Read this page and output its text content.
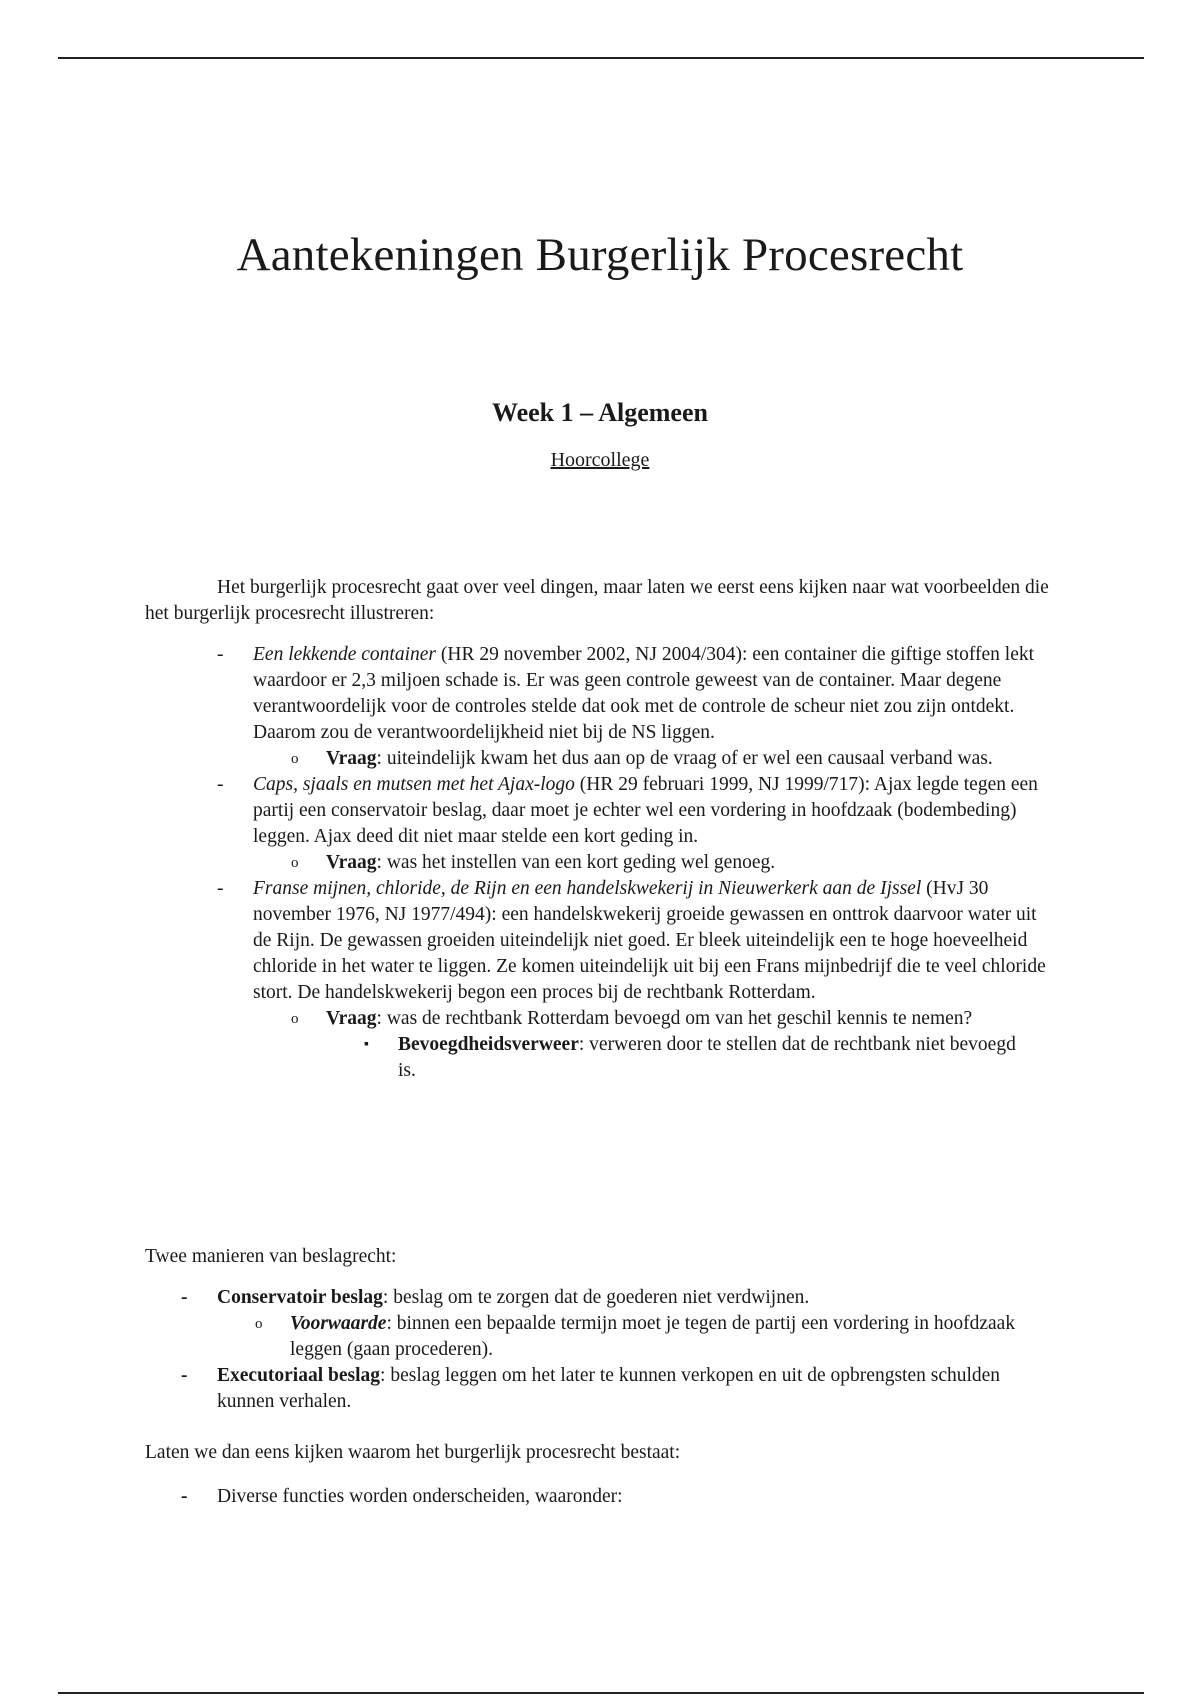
Aantekeningen Burgerlijk Procesrecht
Week 1 – Algemeen

Hoorcollege

Het burgerlijk procesrecht gaat over veel dingen, maar laten we eerst eens kijken naar wat voorbeelden die het burgerlijk procesrecht illustreren:

- Een lekkende container (HR 29 november 2002, NJ 2004/304): een container die giftige stoffen lekt waardoor er 2,3 miljoen schade is. Er was geen controle geweest van de container. Maar degene verantwoordelijk voor de controles stelde dat ook met de controle de scheur niet zou zijn ontdekt. Daarom zou de verantwoordelijkheid niet bij de NS liggen.
o Vraag: uiteindelijk kwam het dus aan op de vraag of er wel een causaal verband was.
- Caps, sjaals en mutsen met het Ajax-logo (HR 29 februari 1999, NJ 1999/717): Ajax legde tegen een partij een conservatoir beslag, daar moet je echter wel een vordering in hoofdzaak (bodembeding) leggen. Ajax deed dit niet maar stelde een kort geding in.
o Vraag: was het instellen van een kort geding wel genoeg.
- Franse mijnen, chloride, de Rijn en een handelskwekerij in Nieuwerkerk aan de Ijssel (HvJ 30 november 1976, NJ 1977/494): een handelskwekerij groeide gewassen en onttrok daarvoor water uit de Rijn. De gewassen groeiden uiteindelijk niet goed. Er bleek uiteindelijk een te hoge hoeveelheid chloride in het water te liggen. Ze komen uiteindelijk uit bij een Frans mijnbedrijf die te veel chloride stort. De handelskwekerij begon een proces bij de rechtbank Rotterdam.
o Vraag: was de rechtbank Rotterdam bevoegd om van het geschil kennis te nemen?
▪ Bevoegdheidsverweer: verweren door te stellen dat de rechtbank niet bevoegd is.
Twee manieren van beslagrecht:
- Conservatoir beslag: beslag om te zorgen dat de goederen niet verdwijnen.
o Voorwaarde: binnen een bepaalde termijn moet je tegen de partij een vordering in hoofdzaak leggen (gaan procederen).
- Executoriaal beslag: beslag leggen om het later te kunnen verkopen en uit de opbrengsten schulden kunnen verhalen.
Laten we dan eens kijken waarom het burgerlijk procesrecht bestaat:
- Diverse functies worden onderscheiden, waaronder:
